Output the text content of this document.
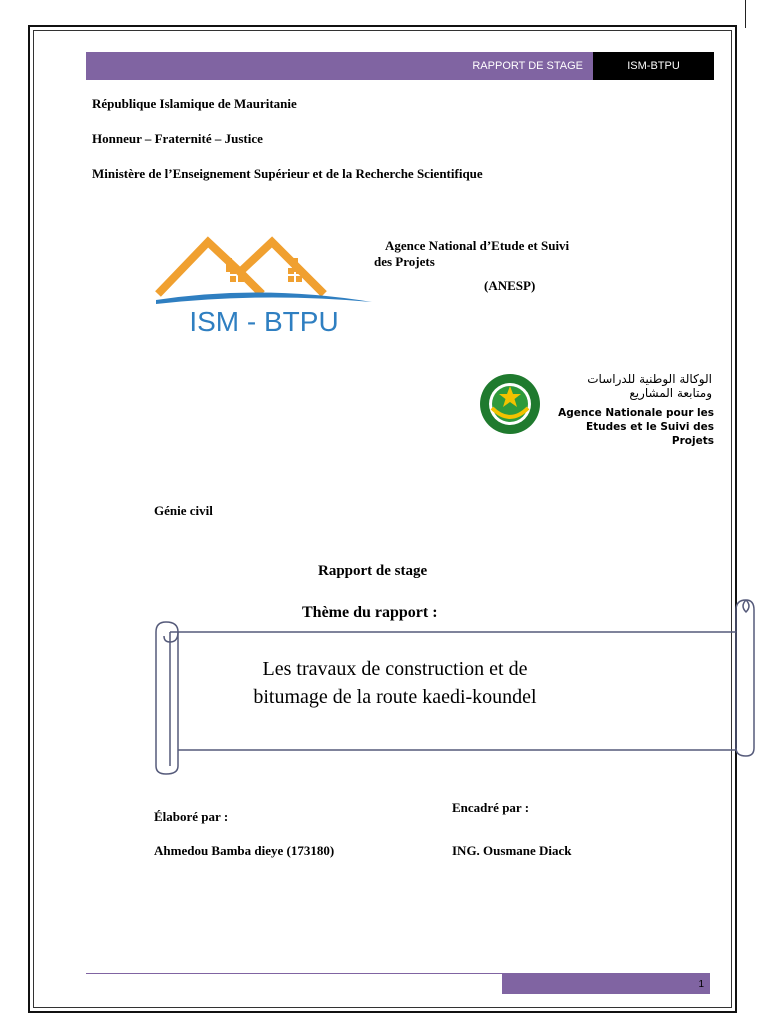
RAPPORT DE STAGE	ISM-BTPU
République Islamique de Mauritanie
Honneur – Fraternité – Justice
Ministère de l’Enseignement Supérieur et de la Recherche Scientifique
ISM - BTPU
Agence National d’Etude et Suivi
des Projets
(ANESP)
الوكالة الوطنية للدراسات
ومتابعة المشاريع
Agence Nationale pour les
Etudes et le Suivi des Projets
Génie civil
Rapport de stage
Thème du rapport :
Les travaux de construction et de
bitumage de la route kaedi-koundel
Élaboré par :
Encadré par :
Ahmedou Bamba dieye (173180)	ING. Ousmane Diack
1
